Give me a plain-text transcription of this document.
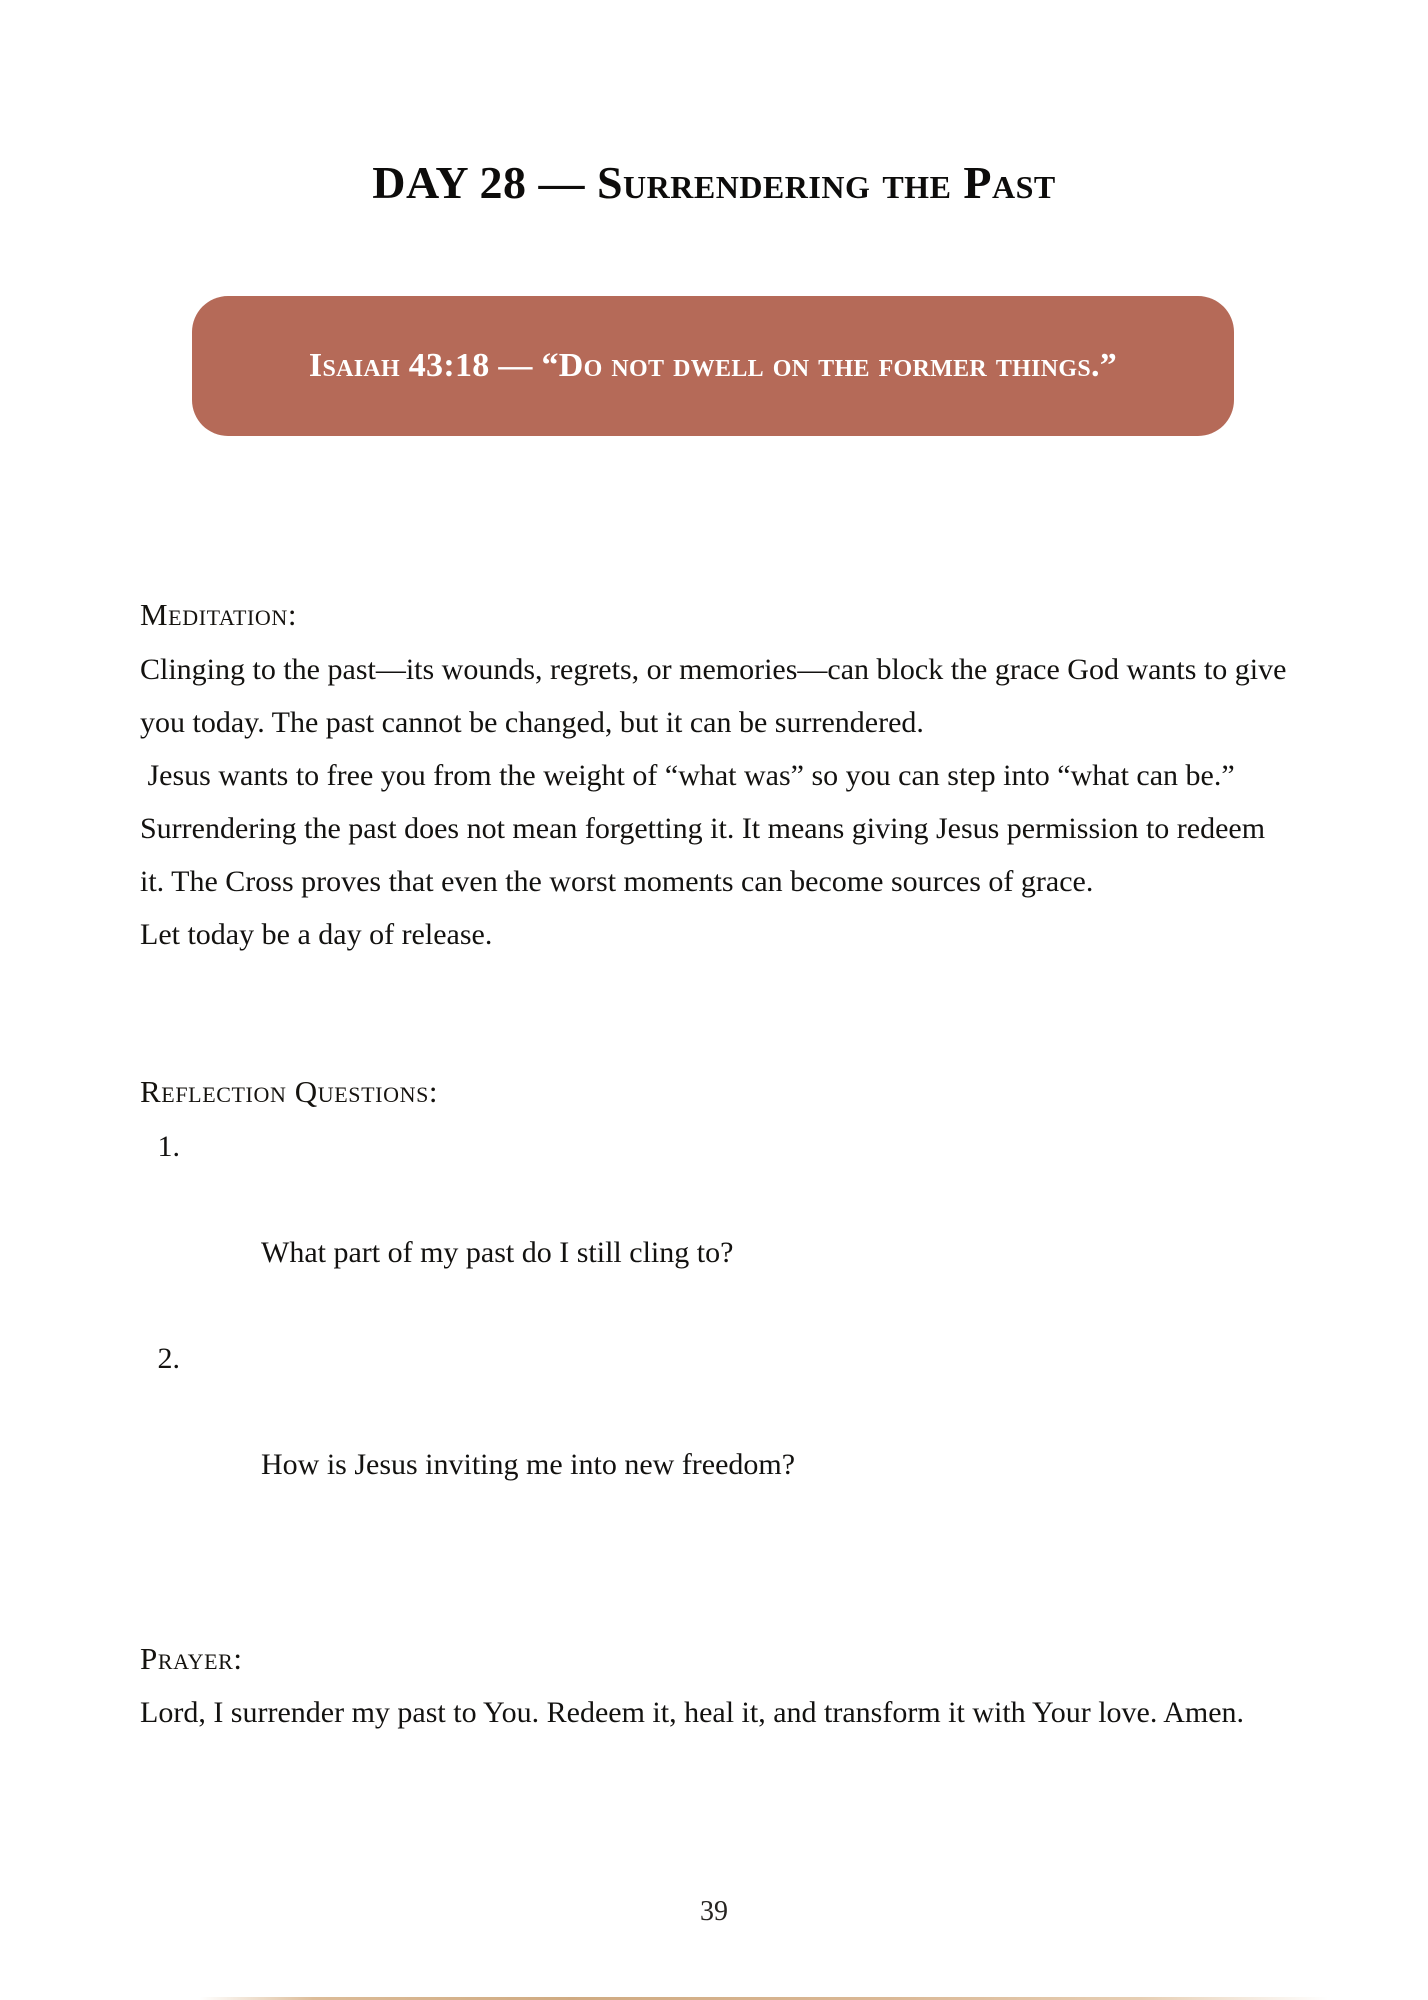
DAY 28 — Surrendering the Past
Isaiah 43:18 — “Do not dwell on the former things.”
Meditation:

Clinging to the past—its wounds, regrets, or memories—can block the grace God wants to give you today. The past cannot be changed, but it can be surrendered.

Jesus wants to free you from the weight of “what was” so you can step into “what can be.”

Surrendering the past does not mean forgetting it. It means giving Jesus permission to redeem it. The Cross proves that even the worst moments can become sources of grace.

Let today be a day of release.

Reflection Questions:

1.

What part of my past do I still cling to?

2.

How is Jesus inviting me into new freedom?

Prayer:

Lord, I surrender my past to You. Redeem it, heal it, and transform it with Your love. Amen.

39
